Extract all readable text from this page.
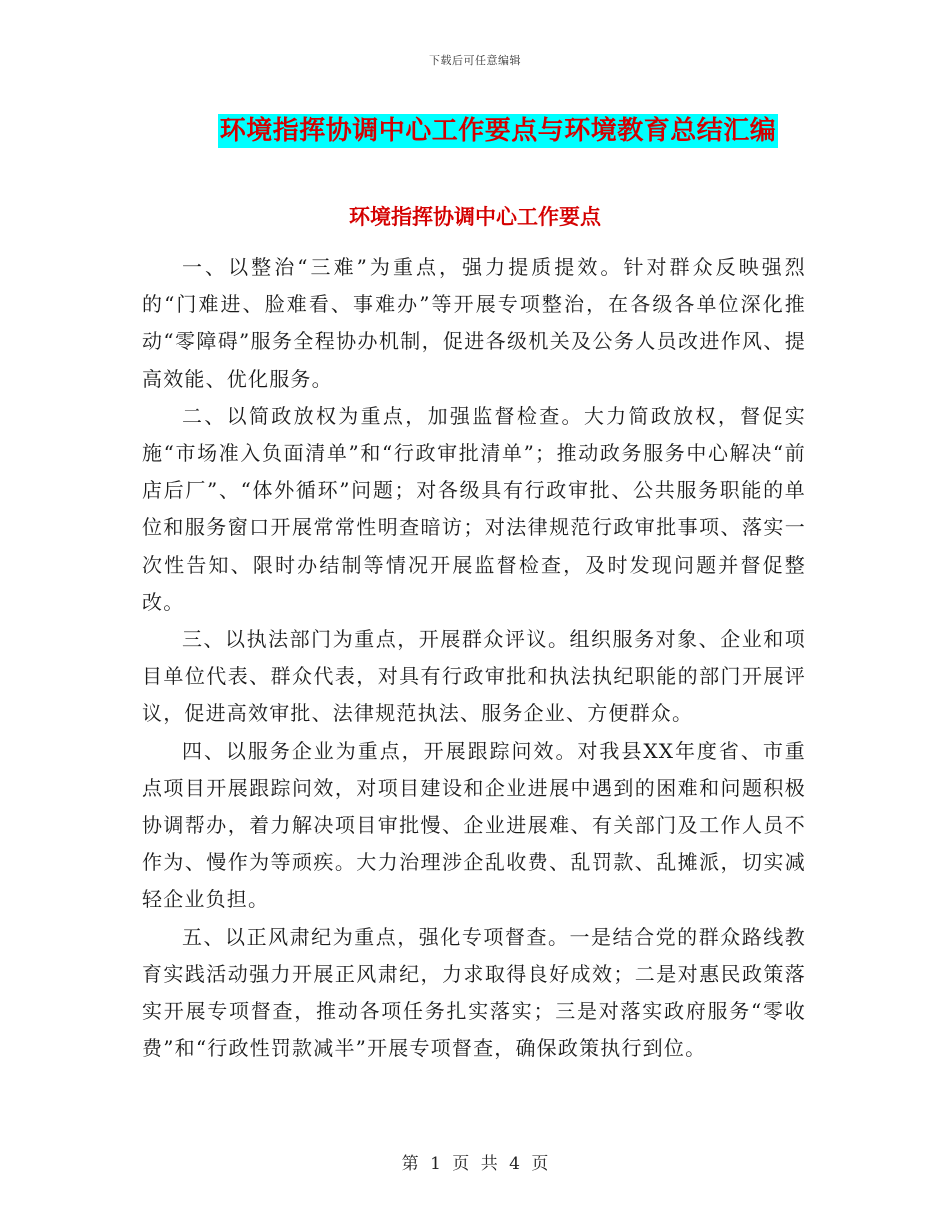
下载后可任意编辑
环境指挥协调中心工作要点与环境教育总结汇编
环境指挥协调中心工作要点

一、以整治“三难”为重点，强力提质提效。针对群众反映强烈的“门难进、脸难看、事难办”等开展专项整治，在各级各单位深化推动“零障碍”服务全程协办机制，促进各级机关及公务人员改进作风、提高效能、优化服务。

二、以简政放权为重点，加强监督检查。大力简政放权，督促实施“市场准入负面清单”和“行政审批清单”；推动政务服务中心解决“前店后厂”、“体外循环”问题；对各级具有行政审批、公共服务职能的单位和服务窗口开展常常性明查暗访；对法律规范行政审批事项、落实一次性告知、限时办结制等情况开展监督检查，及时发现问题并督促整改。

三、以执法部门为重点，开展群众评议。组织服务对象、企业和项目单位代表、群众代表，对具有行政审批和执法执纪职能的部门开展评议，促进高效审批、法律规范执法、服务企业、方便群众。

四、以服务企业为重点，开展跟踪问效。对我县XX年度省、市重点项目开展跟踪问效，对项目建设和企业进展中遇到的困难和问题积极协调帮办，着力解决项目审批慢、企业进展难、有关部门及工作人员不作为、慢作为等顽疾。大力治理涉企乱收费、乱罚款、乱摊派，切实减轻企业负担。

五、以正风肃纪为重点，强化专项督查。一是结合党的群众路线教育实践活动强力开展正风肃纪，力求取得良好成效；二是对惠民政策落实开展专项督查，推动各项任务扎实落实；三是对落实政府服务“零收费”和“行政性罚款减半”开展专项督查，确保政策执行到位。

第 1 页 共 4 页
